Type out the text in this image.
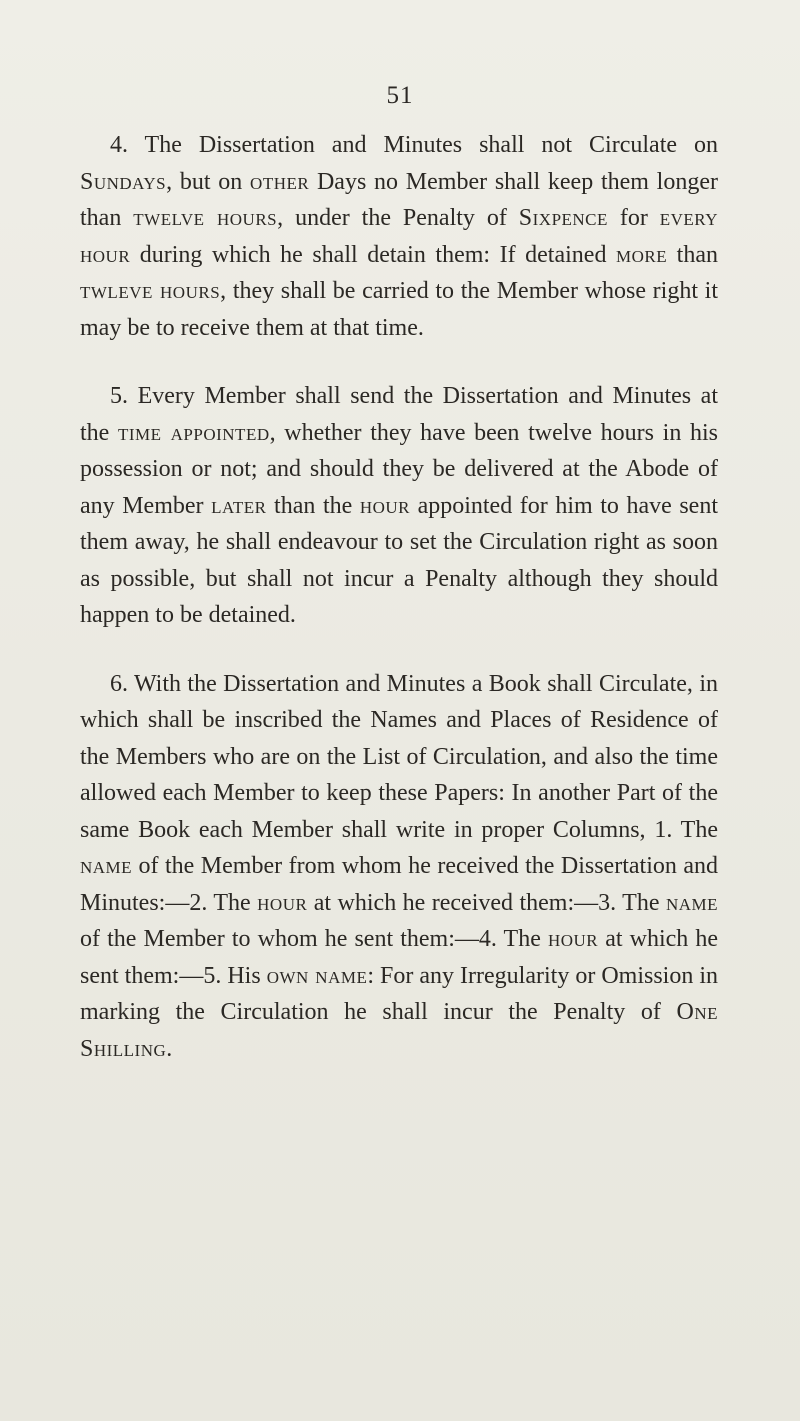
51

4. The Dissertation and Minutes shall not Circulate on Sundays, but on other Days no Member shall keep them longer than twelve hours, under the Penalty of Sixpence for every hour during which he shall detain them: If detained more than twleve hours, they shall be carried to the Member whose right it may be to receive them at that time.

5. Every Member shall send the Dissertation and Minutes at the time appointed, whether they have been twelve hours in his possession or not; and should they be delivered at the Abode of any Member later than the hour appointed for him to have sent them away, he shall endeavour to set the Circulation right as soon as possible, but shall not incur a Penalty although they should happen to be detained.

6. With the Dissertation and Minutes a Book shall Circulate, in which shall be inscribed the Names and Places of Residence of the Members who are on the List of Circulation, and also the time allowed each Member to keep these Papers: In another Part of the same Book each Member shall write in proper Columns, 1. The name of the Member from whom he received the Dissertation and Minutes:—2. The hour at which he received them:—3. The name of the Member to whom he sent them:—4. The hour at which he sent them:—5. His own name: For any Irregularity or Omission in marking the Circulation he shall incur the Penalty of One Shilling.
